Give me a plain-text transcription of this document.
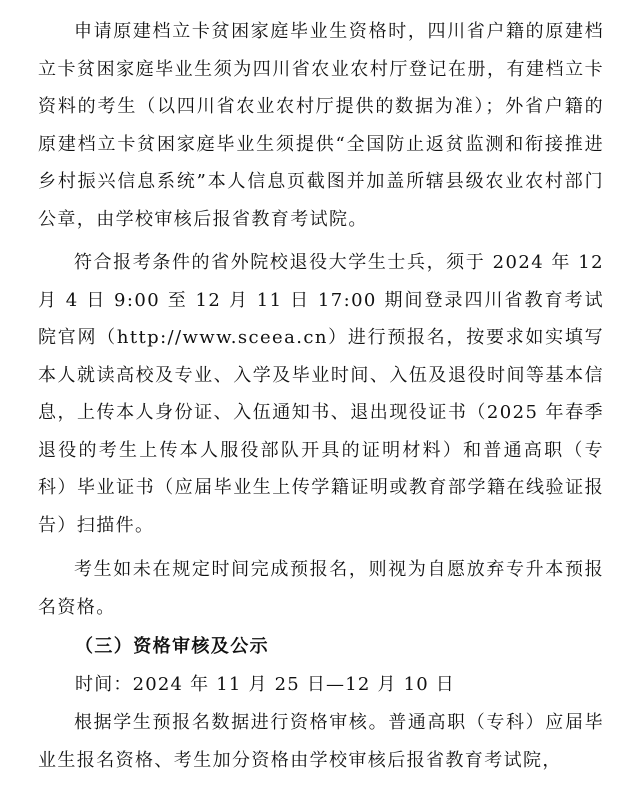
申请原建档立卡贫困家庭毕业生资格时，四川省户籍的原建档立卡贫困家庭毕业生须为四川省农业农村厅登记在册，有建档立卡资料的考生（以四川省农业农村厅提供的数据为准）；外省户籍的原建档立卡贫困家庭毕业生须提供“全国防止返贫监测和衔接推进乡村振兴信息系统”本人信息页截图并加盖所辖县级农业农村部门公章，由学校审核后报省教育考试院。

符合报考条件的省外院校退役大学生士兵，须于 2024 年 12 月 4 日 9:00 至 12 月 11 日 17:00 期间登录四川省教育考试院官网（http://www.sceea.cn）进行预报名，按要求如实填写本人就读高校及专业、入学及毕业时间、入伍及退役时间等基本信息，上传本人身份证、入伍通知书、退出现役证书（2025 年春季退役的考生上传本人服役部队开具的证明材料）和普通高职（专科）毕业证书（应届毕业生上传学籍证明或教育部学籍在线验证报告）扫描件。

考生如未在规定时间完成预报名，则视为自愿放弃专升本预报名资格。

（三）资格审核及公示

时间：2024 年 11 月 25 日—12 月 10 日

根据学生预报名数据进行资格审核。普通高职（专科）应届毕业生报名资格、考生加分资格由学校审核后报省教育考试院，
